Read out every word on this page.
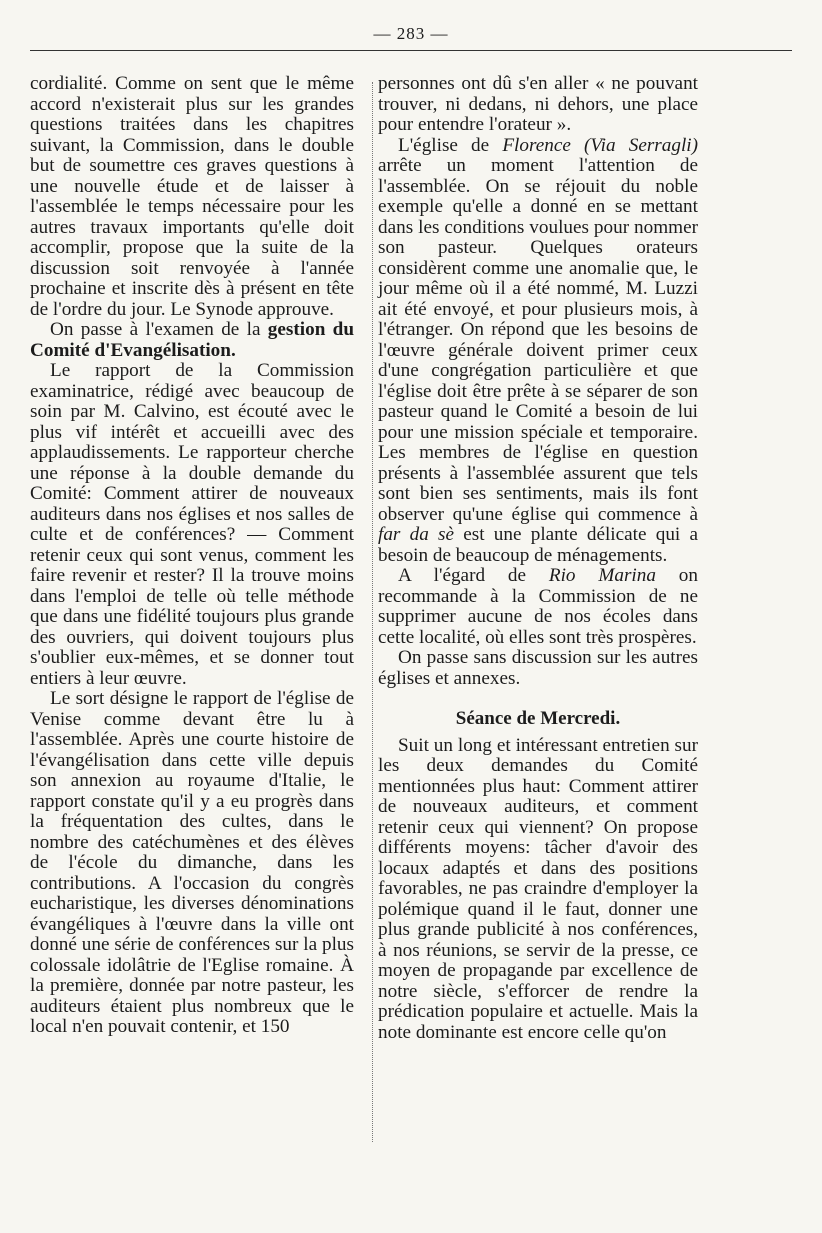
— 283 —

cordialité. Comme on sent que le même accord n'existerait plus sur les grandes questions traitées dans les chapitres suivant, la Commission, dans le double but de soumettre ces graves questions à une nouvelle étude et de laisser à l'assemblée le temps nécessaire pour les autres travaux importants qu'elle doit accomplir, propose que la suite de la discussion soit renvoyée à l'année prochaine et inscrite dès à présent en tête de l'ordre du jour. Le Synode approuve.

On passe à l'examen de la gestion du Comité d'Evangélisation.

Le rapport de la Commission examinatrice, rédigé avec beaucoup de soin par M. Calvino, est écouté avec le plus vif intérêt et accueilli avec des applaudissements. Le rapporteur cherche une réponse à la double demande du Comité: Comment attirer de nouveaux auditeurs dans nos églises et nos salles de culte et de conférences? — Comment retenir ceux qui sont venus, comment les faire revenir et rester? Il la trouve moins dans l'emploi de telle où telle méthode que dans une fidélité toujours plus grande des ouvriers, qui doivent toujours plus s'oublier eux-mêmes, et se donner tout entiers à leur œuvre.

Le sort désigne le rapport de l'église de Venise comme devant être lu à l'assemblée. Après une courte histoire de l'évangélisation dans cette ville depuis son annexion au royaume d'Italie, le rapport constate qu'il y a eu progrès dans la fréquentation des cultes, dans le nombre des catéchumènes et des élèves de l'école du dimanche, dans les contributions. A l'occasion du congrès eucharistique, les diverses dénominations évangéliques à l'œuvre dans la ville ont donné une série de conférences sur la plus colossale idolâtrie de l'Eglise romaine. À la première, donnée par notre pasteur, les auditeurs étaient plus nombreux que le local n'en pouvait contenir, et 150

personnes ont dû s'en aller « ne pouvant trouver, ni dedans, ni dehors, une place pour entendre l'orateur ».

L'église de Florence (Via Serragli) arrête un moment l'attention de l'assemblée. On se réjouit du noble exemple qu'elle a donné en se mettant dans les conditions voulues pour nommer son pasteur. Quelques orateurs considèrent comme une anomalie que, le jour même où il a été nommé, M. Luzzi ait été envoyé, et pour plusieurs mois, à l'étranger. On répond que les besoins de l'œuvre générale doivent primer ceux d'une congrégation particulière et que l'église doit être prête à se séparer de son pasteur quand le Comité a besoin de lui pour une mission spéciale et temporaire. Les membres de l'église en question présents à l'assemblée assurent que tels sont bien ses sentiments, mais ils font observer qu'une église qui commence à far da sè est une plante délicate qui a besoin de beaucoup de ménagements.

A l'égard de Rio Marina on recommande à la Commission de ne supprimer aucune de nos écoles dans cette localité, où elles sont très prospères.

On passe sans discussion sur les autres églises et annexes.

Séance de Mercredi.

Suit un long et intéressant entretien sur les deux demandes du Comité mentionnées plus haut: Comment attirer de nouveaux auditeurs, et comment retenir ceux qui viennent? On propose différents moyens: tâcher d'avoir des locaux adaptés et dans des positions favorables, ne pas craindre d'employer la polémique quand il le faut, donner une plus grande publicité à nos conférences, à nos réunions, se servir de la presse, ce moyen de propagande par excellence de notre siècle, s'efforcer de rendre la prédication populaire et actuelle. Mais la note dominante est encore celle qu'on
